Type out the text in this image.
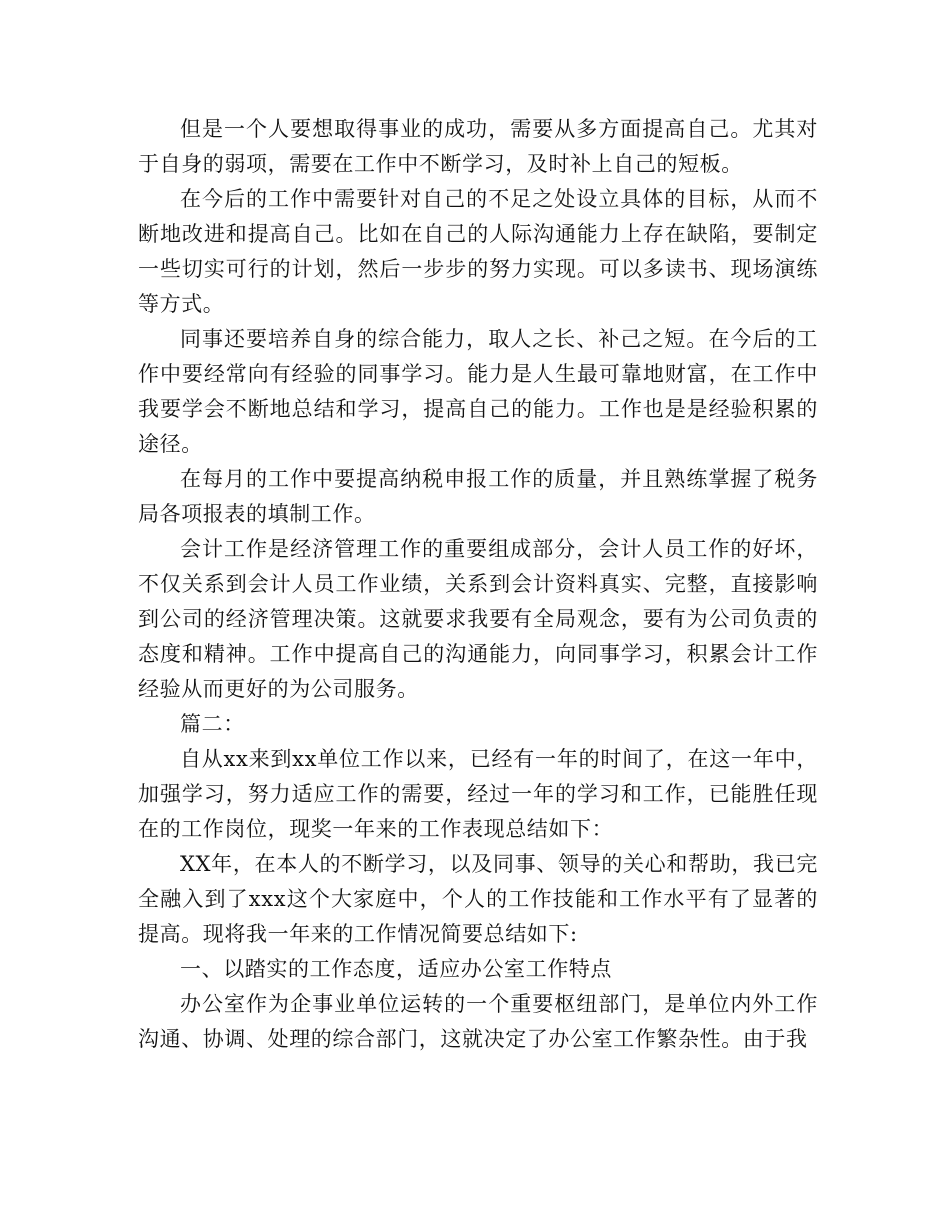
但是一个人要想取得事业的成功，需要从多方面提高自己。尤其对于自身的弱项，需要在工作中不断学习，及时补上自己的短板。

在今后的工作中需要针对自己的不足之处设立具体的目标，从而不断地改进和提高自己。比如在自己的人际沟通能力上存在缺陷，要制定一些切实可行的计划，然后一步步的努力实现。可以多读书、现场演练等方式。

同事还要培养自身的综合能力，取人之长、补己之短。在今后的工作中要经常向有经验的同事学习。能力是人生最可靠地财富，在工作中我要学会不断地总结和学习，提高自己的能力。工作也是是经验积累的途径。

在每月的工作中要提高纳税申报工作的质量，并且熟练掌握了税务局各项报表的填制工作。

会计工作是经济管理工作的重要组成部分，会计人员工作的好坏，不仅关系到会计人员工作业绩，关系到会计资料真实、完整，直接影响到公司的经济管理决策。这就要求我要有全局观念，要有为公司负责的态度和精神。工作中提高自己的沟通能力，向同事学习，积累会计工作经验从而更好的为公司服务。

篇二：

自从xx来到xx单位工作以来，已经有一年的时间了，在这一年中，加强学习，努力适应工作的需要，经过一年的学习和工作，已能胜任现在的工作岗位，现奖一年来的工作表现总结如下：

XX年，在本人的不断学习，以及同事、领导的关心和帮助，我已完全融入到了xxx这个大家庭中，个人的工作技能和工作水平有了显著的提高。现将我一年来的工作情况简要总结如下:

一、以踏实的工作态度，适应办公室工作特点

办公室作为企事业单位运转的一个重要枢纽部门，是单位内外工作沟通、协调、处理的综合部门，这就决定了办公室工作繁杂性。由于我
